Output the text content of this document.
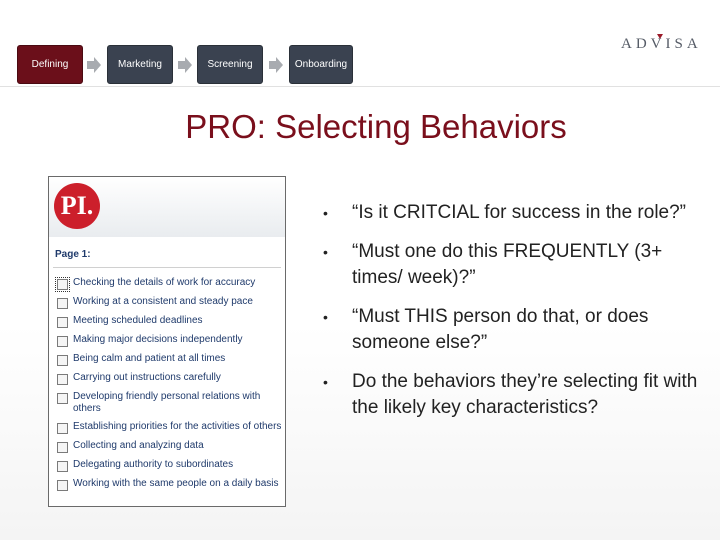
Defining	Marketing	Screening	Onboarding
ADVISA
PRO: Selecting Behaviors
PI.
Page 1:
Checking the details of work for accuracy
Working at a consistent and steady pace
Meeting scheduled deadlines
Making major decisions independently
Being calm and patient at all times
Carrying out instructions carefully
Developing friendly personal relations with others
Establishing priorities for the activities of others
Collecting and analyzing data
Delegating authority to subordinates
Working with the same people on a daily basis
• “Is it CRITCIAL for success in the role?”
• “Must one do this FREQUENTLY (3+ times/ week)?”
• “Must THIS person do that, or does someone else?”
• Do the behaviors they’re selecting fit with the likely key characteristics?
